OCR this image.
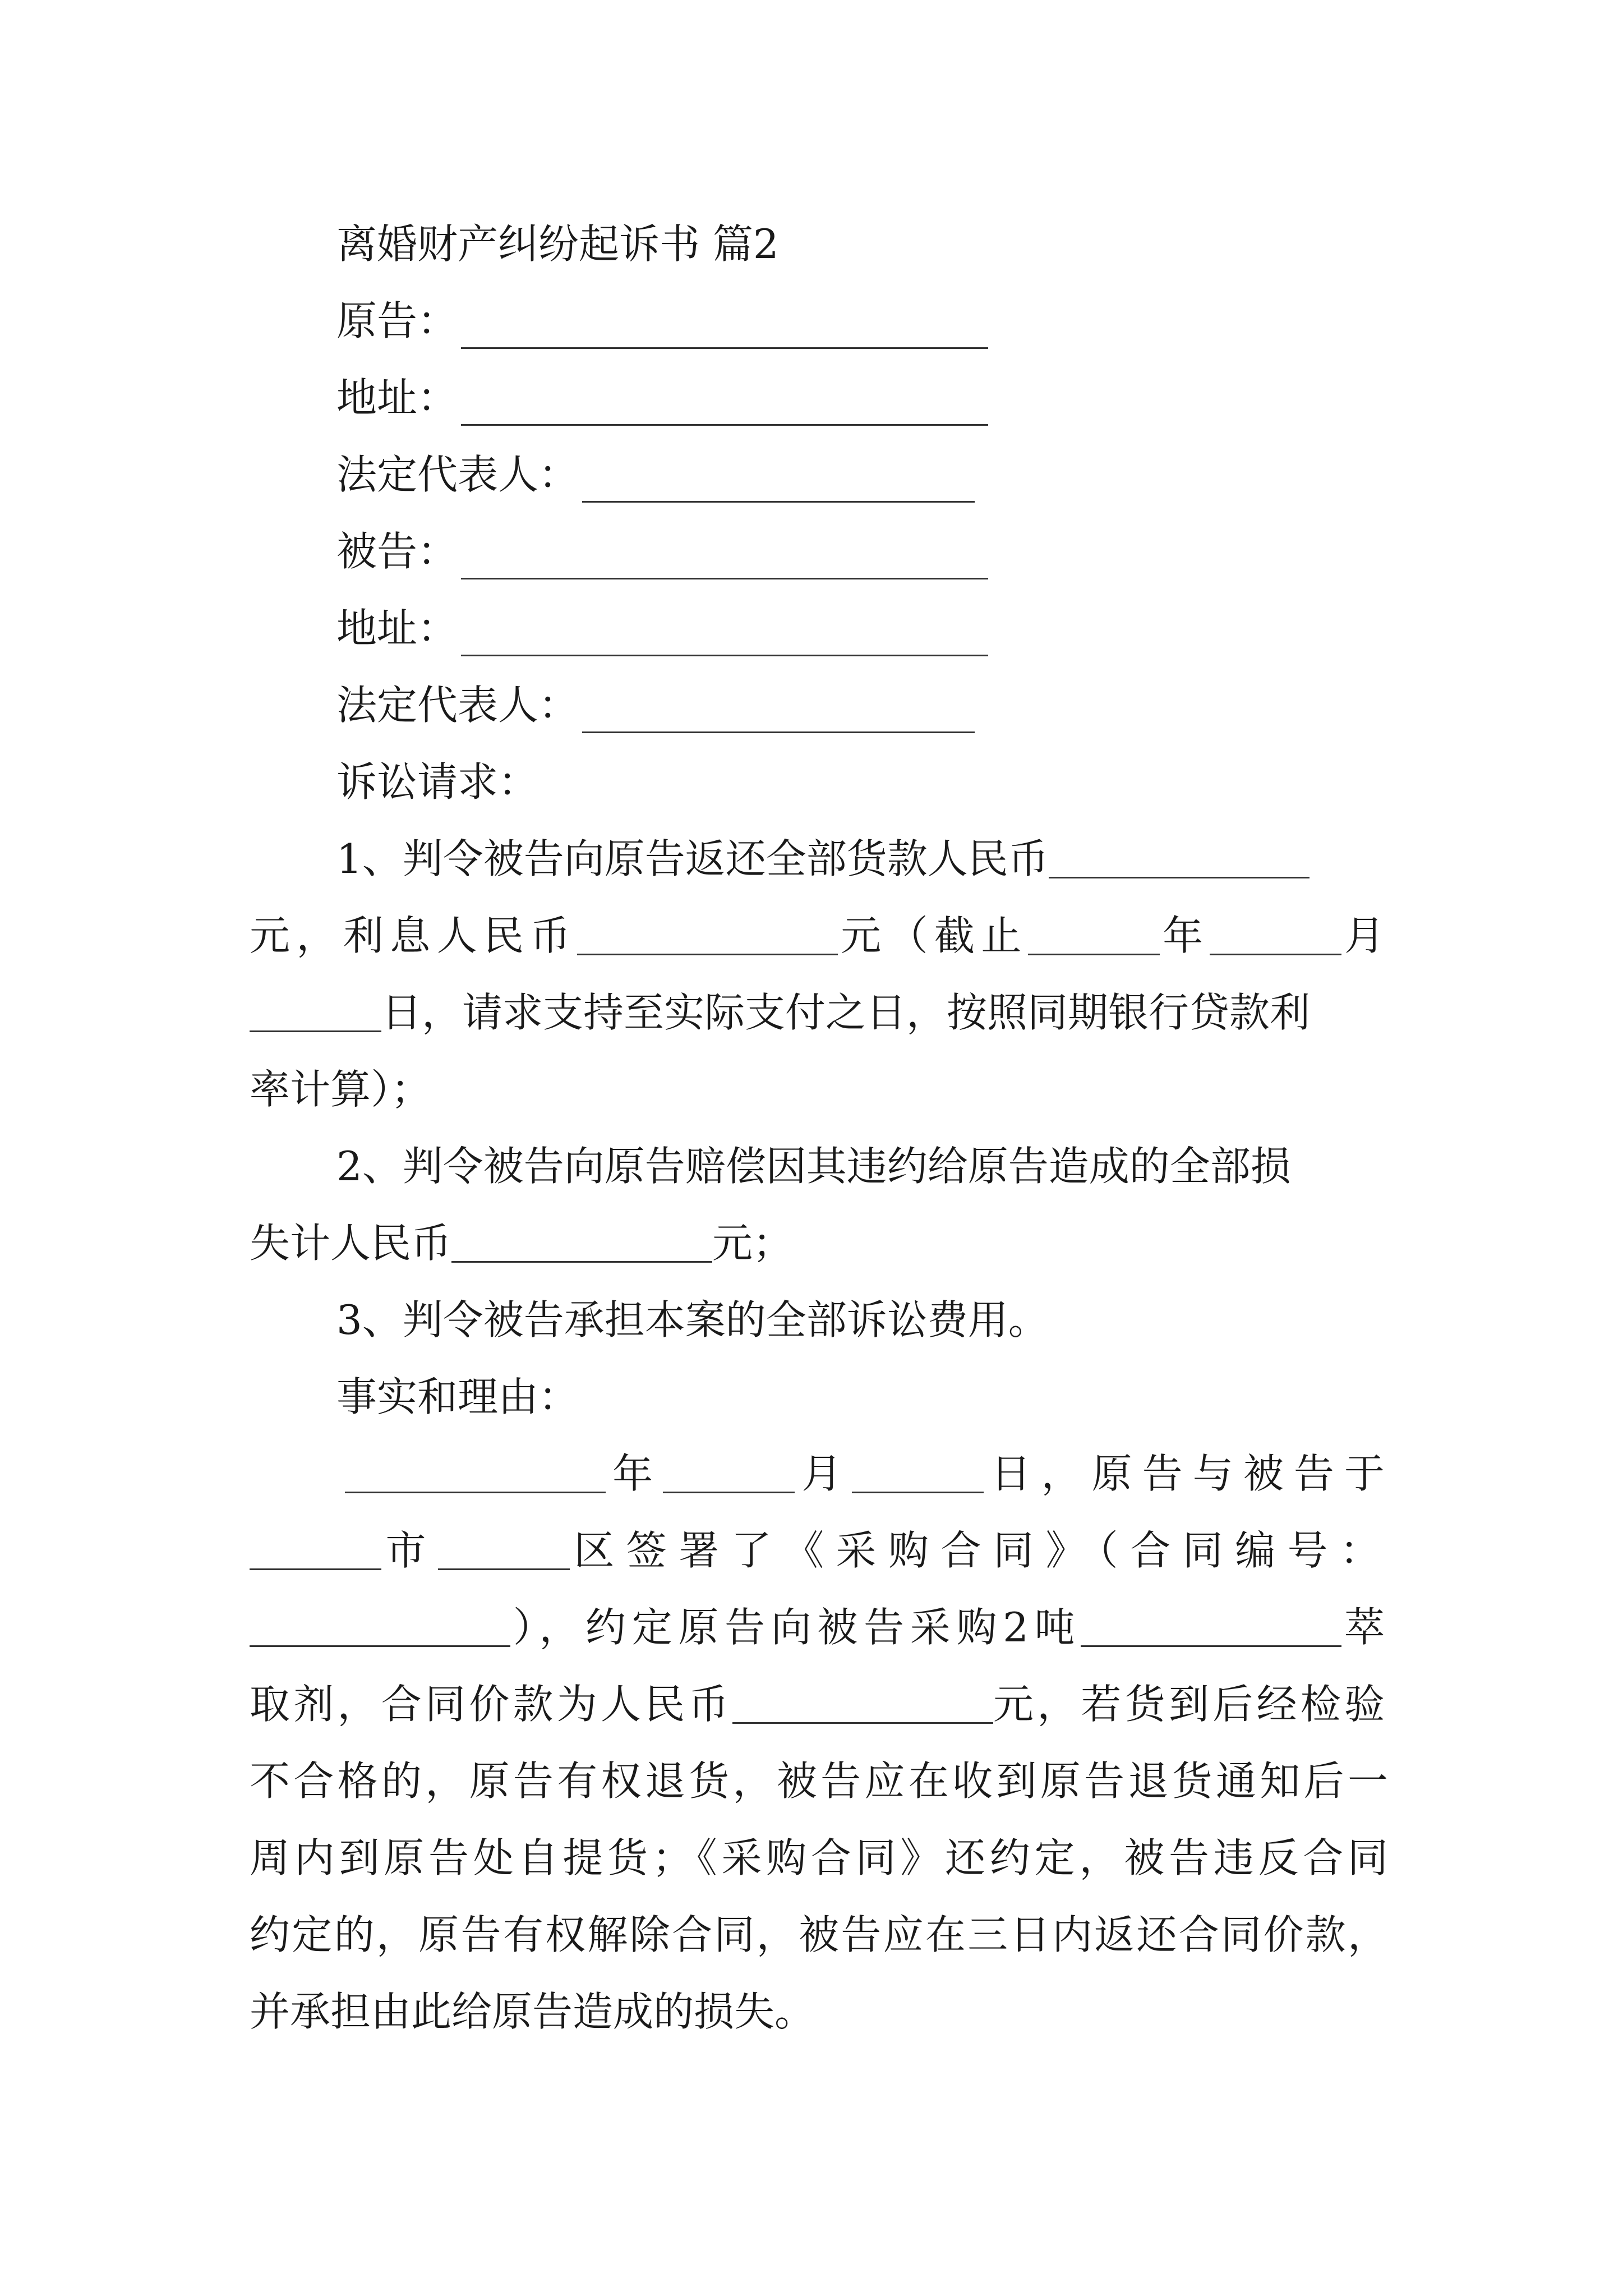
离婚财产纠纷起诉书 篇2
原告：
地址：
法定代表人：
被告：
地址：
法定代表人：
诉讼请求：
1、判令被告向原告返还全部货款人民币
元，利息人民币	元（截止	年	月
日，请求支持至实际支付之日，按照同期银行贷款利
率计算）；
2、判令被告向原告赔偿因其违约给原告造成的全部损
失计人民币	元；
3、判令被告承担本案的全部诉讼费用。
事实和理由：
年	月	日，原告与被告于
市	区签署了《采购合同》（合同编号：
），约定原告向被告采购2吨	萃
取剂，合同价款为人民币	元，若货到后经检验
不合格的，原告有权退货，被告应在收到原告退货通知后一
周内到原告处自提货；《采购合同》还约定，被告违反合同
约定的，原告有权解除合同，被告应在三日内返还合同价款，
并承担由此给原告造成的损失。
